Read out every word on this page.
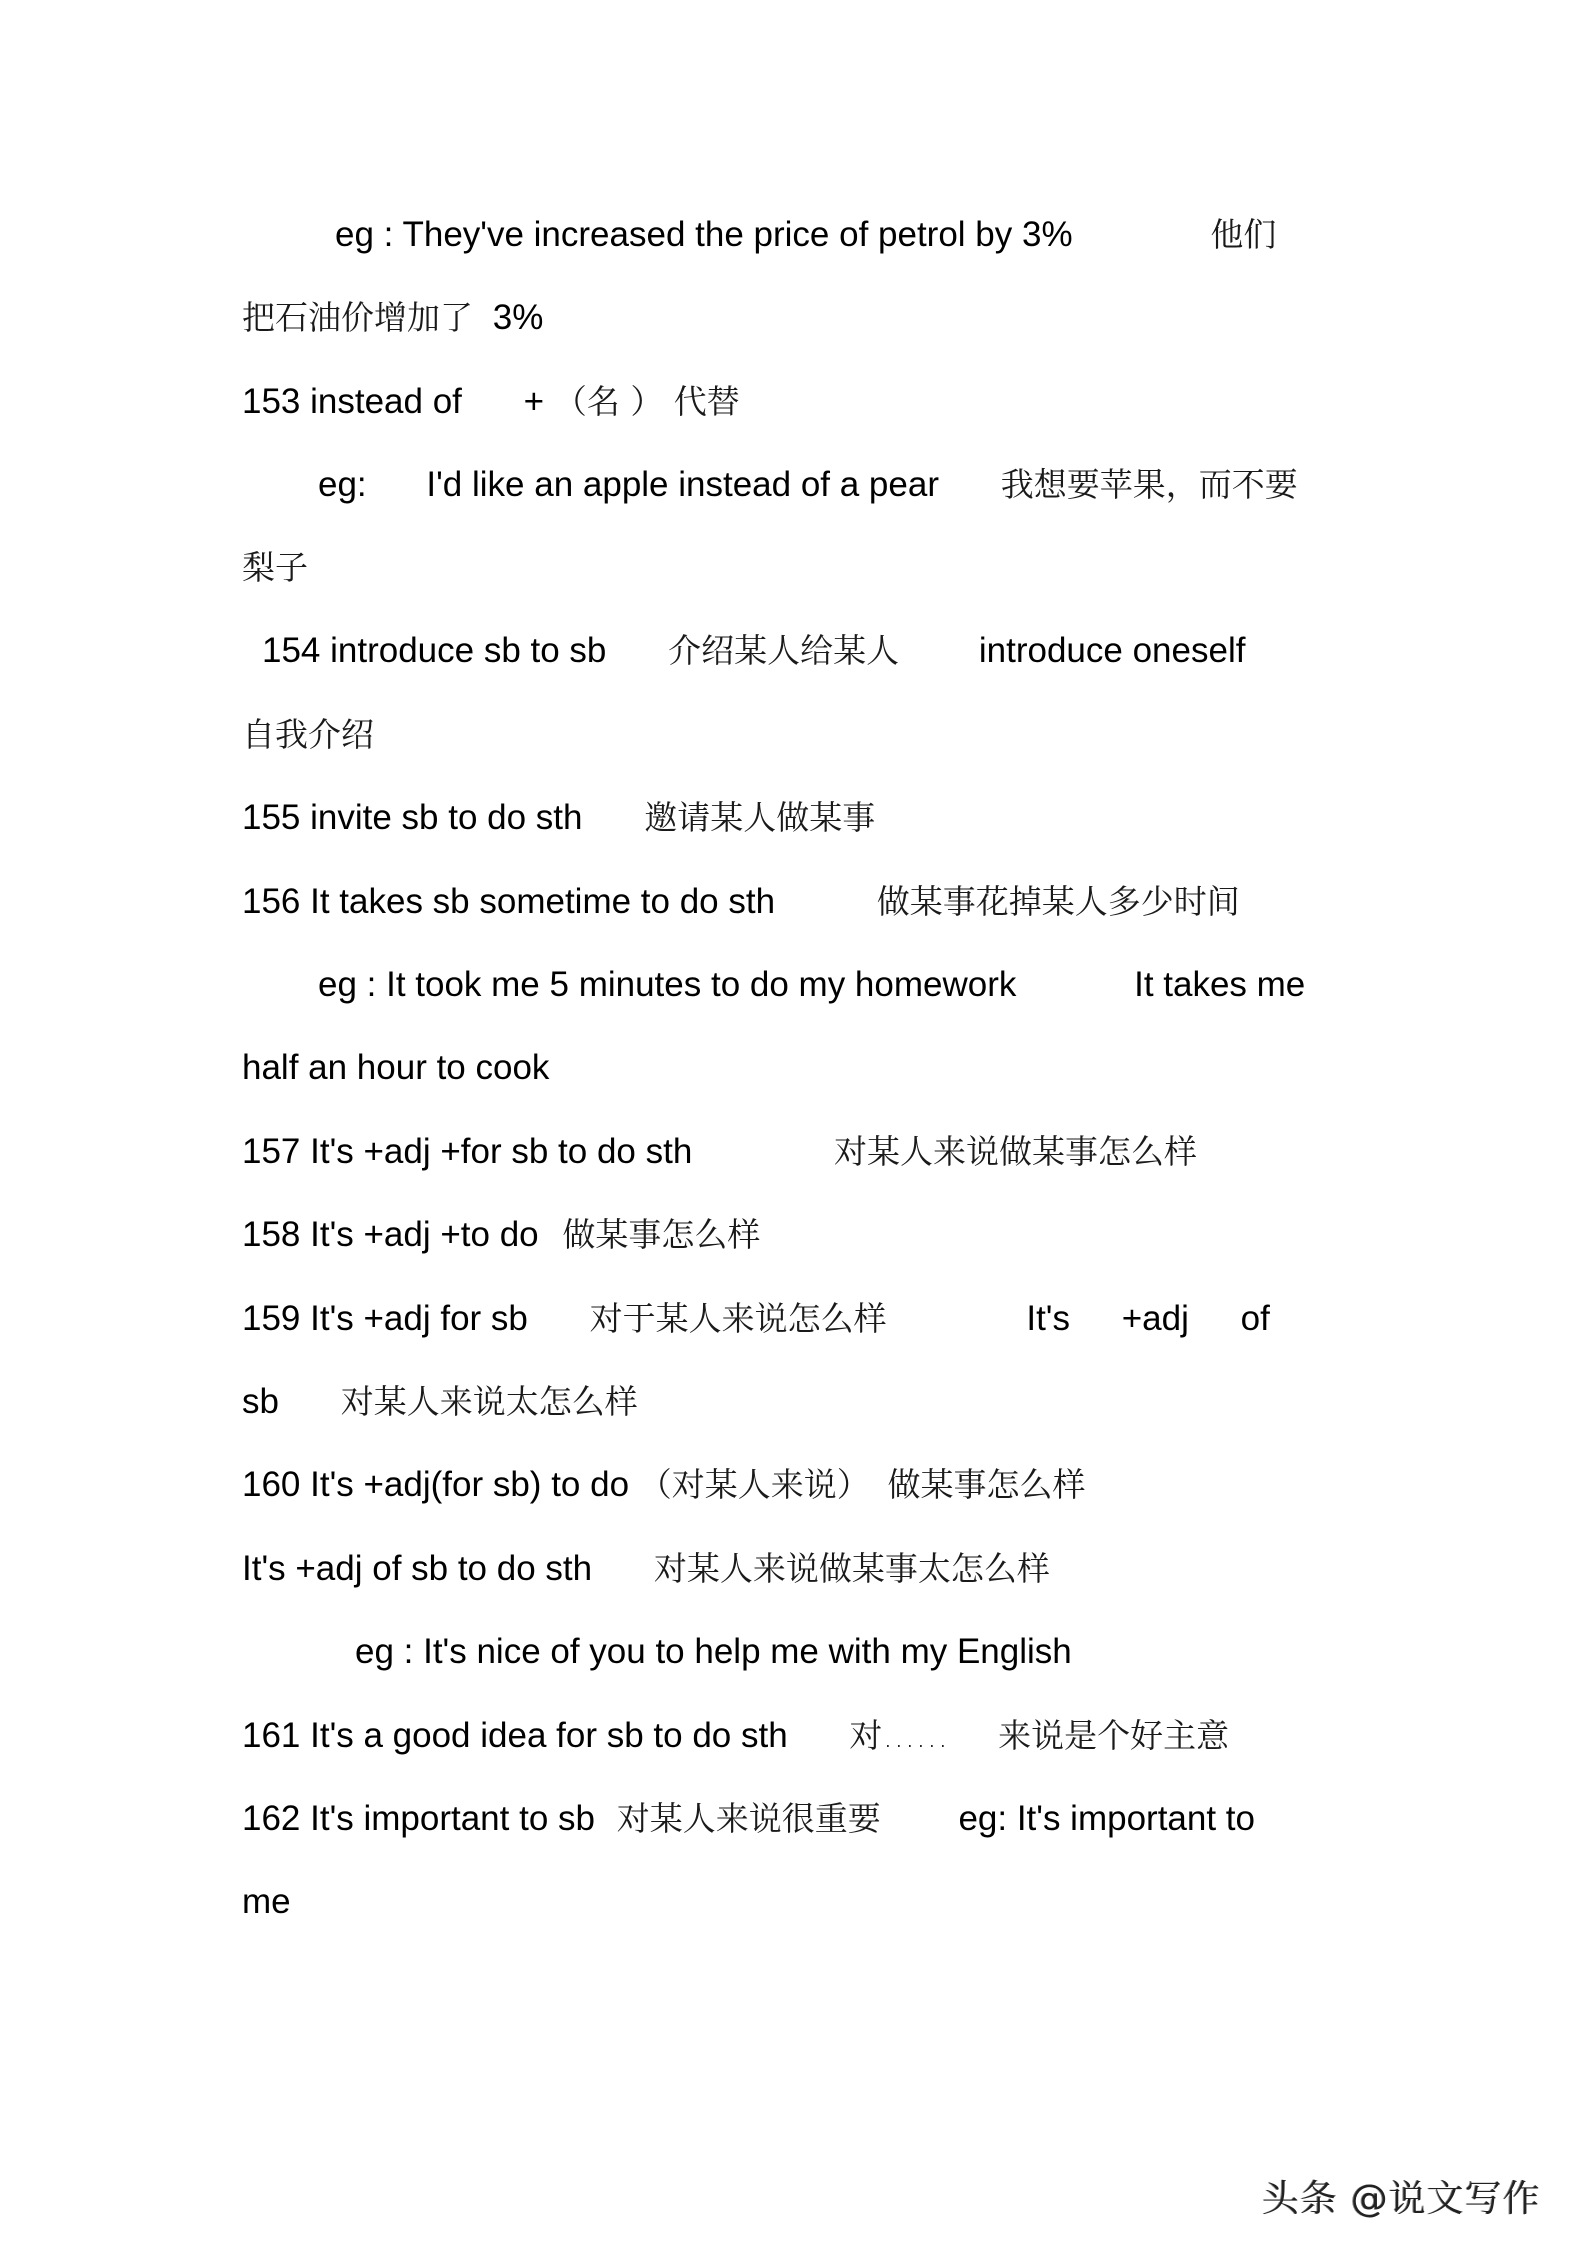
eg : They've increased the price of petrol by 3%	他们
把石油价增加了 3%
153 instead of + （名 ） 代替
eg: I'd like an apple instead of a pear 我想要苹果，而不要
梨子
154 introduce sb to sb 介绍某人给某人 introduce oneself
自我介绍
155 invite sb to do sth 邀请某人做某事
156 It takes sb sometime to do sth	做某事花掉某人多少时间
eg : It took me 5 minutes to do my homework	It takes me
half an hour to cook
157 It's +adj +for sb to do sth	对某人来说做某事怎么样
158 It's +adj +to do 做某事怎么样
159 It's +adj for sb 对于某人来说怎么样	It's +adj of
sb 对某人来说太怎么样
160 It's +adj(for sb) to do （对某人来说） 做某事怎么样
It's +adj of sb to do sth 对某人来说做某事太怎么样
eg : It's nice of you to help me with my English
161 It's a good idea for sb to do sth 对…… 来说是个好主意
162 It's important to sb 对某人来说很重要 eg: It's important to
me
头条 @说文写作
